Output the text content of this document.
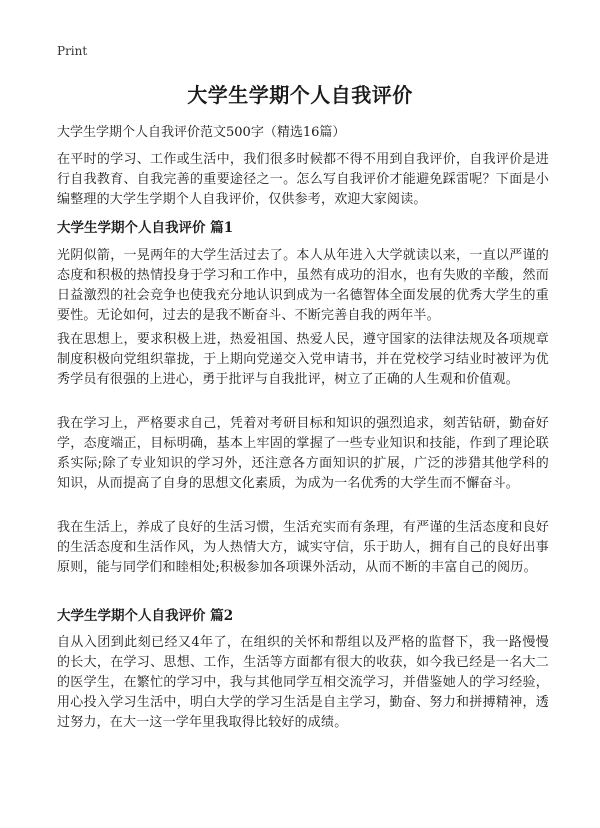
Print
大学生学期个人自我评价

大学生学期个人自我评价范文500字（精选16篇）

在平时的学习、工作或生活中，我们很多时候都不得不用到自我评价，自我评价是进行自我教育、自我完善的重要途径之一。怎么写自我评价才能避免踩雷呢？下面是小编整理的大学生学期个人自我评价，仅供参考，欢迎大家阅读。

大学生学期个人自我评价 篇1

光阴似箭，一晃两年的大学生活过去了。本人从年进入大学就读以来，一直以严谨的态度和积极的热情投身于学习和工作中，虽然有成功的泪水，也有失败的辛酸，然而日益激烈的社会竞争也使我充分地认识到成为一名德智体全面发展的优秀大学生的重要性。无论如何，过去的是我不断奋斗、不断完善自我的两年半。

我在思想上，要求积极上进，热爱祖国、热爱人民，遵守国家的法律法规及各项规章制度积极向党组织靠拢，于上期向党递交入党申请书，并在党校学习结业时被评为优秀学员有很强的上进心，勇于批评与自我批评，树立了正确的人生观和价值观。

我在学习上，严格要求自己，凭着对考研目标和知识的强烈追求，刻苦钻研，勤奋好学，态度端正，目标明确，基本上牢固的掌握了一些专业知识和技能，作到了理论联系实际;除了专业知识的学习外，还注意各方面知识的扩展，广泛的涉猎其他学科的知识，从而提高了自身的思想文化素质，为成为一名优秀的大学生而不懈奋斗。

我在生活上，养成了良好的生活习惯，生活充实而有条理，有严谨的生活态度和良好的生活态度和生活作风，为人热情大方，诚实守信，乐于助人，拥有自己的良好出事原则，能与同学们和睦相处;积极参加各项课外活动，从而不断的丰富自己的阅历。

大学生学期个人自我评价 篇2

自从入团到此刻已经又4年了，在组织的关怀和帮组以及严格的监督下，我一路慢慢的长大，在学习、思想、工作，生活等方面都有很大的收获，如今我已经是一名大二的医学生，在繁忙的学习中，我与其他同学互相交流学习，并借鉴她人的学习经验，用心投入学习生活中，明白大学的学习生活是自主学习，勤奋、努力和拼搏精神，透过努力，在大一这一学年里我取得比较好的成绩。
